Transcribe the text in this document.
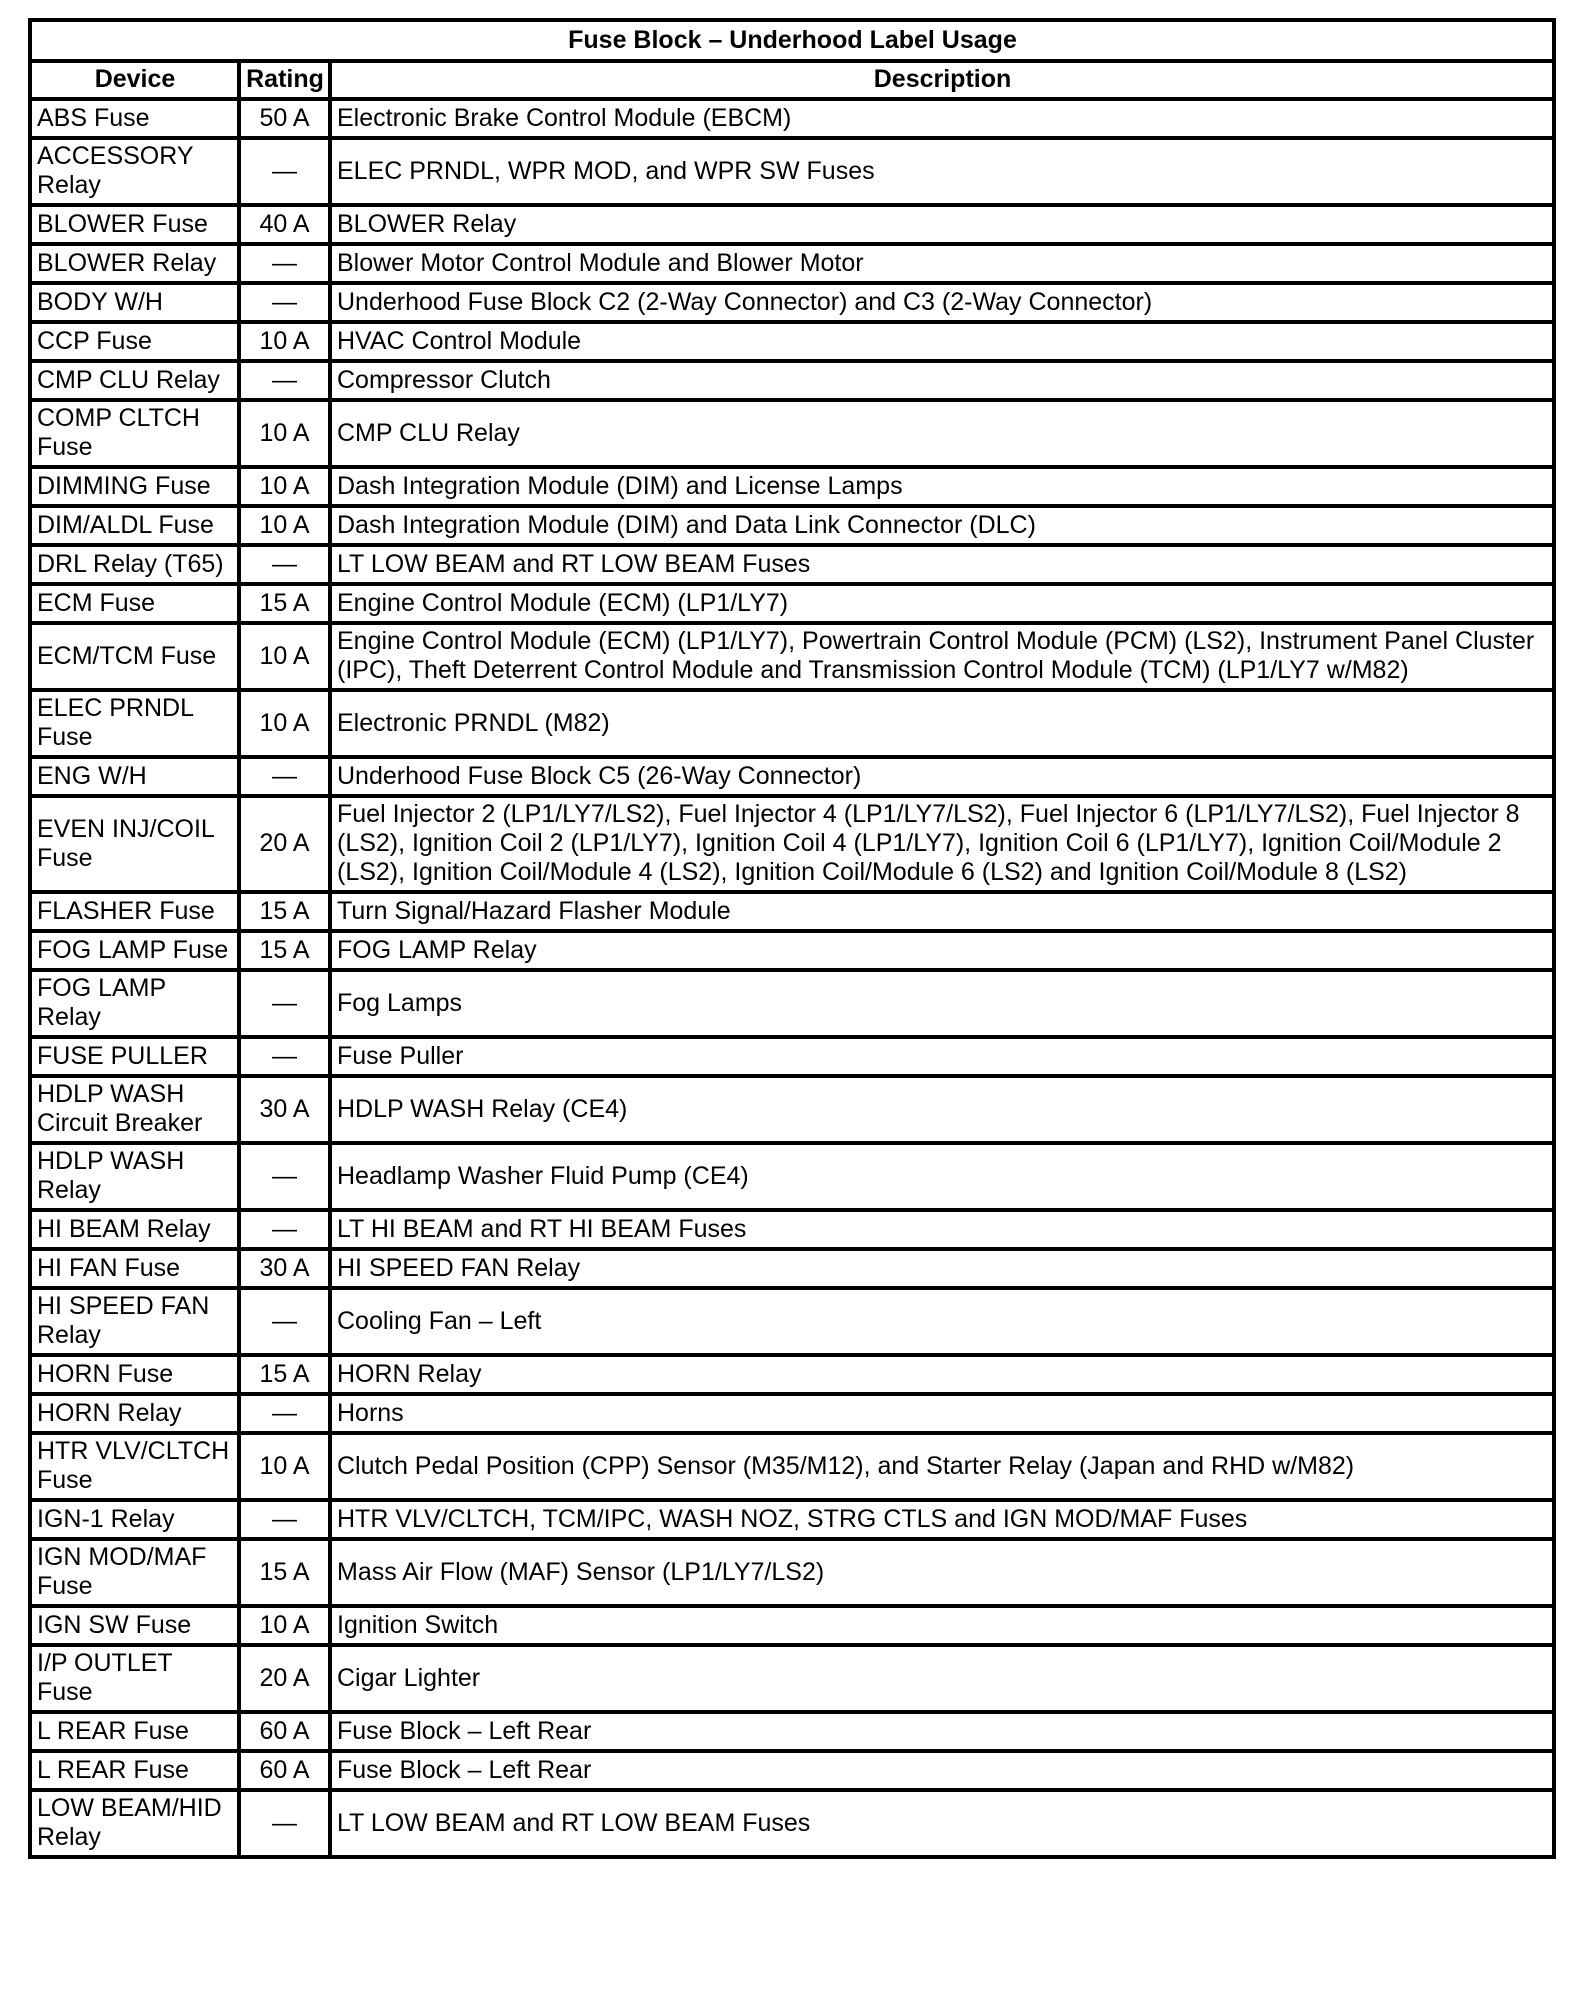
Fuse Block – Underhood Label Usage		
Device	Rating	Description
ABS Fuse	50 A	Electronic Brake Control Module (EBCM)
ACCESSORY Relay	—	ELEC PRNDL, WPR MOD, and WPR SW Fuses
BLOWER Fuse	40 A	BLOWER Relay
BLOWER Relay	—	Blower Motor Control Module and Blower Motor
BODY W/H	—	Underhood Fuse Block C2 (2-Way Connector) and C3 (2-Way Connector)
CCP Fuse	10 A	HVAC Control Module
CMP CLU Relay	—	Compressor Clutch
COMP CLTCH Fuse	10 A	CMP CLU Relay
DIMMING Fuse	10 A	Dash Integration Module (DIM) and License Lamps
DIM/ALDL Fuse	10 A	Dash Integration Module (DIM) and Data Link Connector (DLC)
DRL Relay (T65)	—	LT LOW BEAM and RT LOW BEAM Fuses
ECM Fuse	15 A	Engine Control Module (ECM) (LP1/LY7)
ECM/TCM Fuse	10 A	Engine Control Module (ECM) (LP1/LY7), Powertrain Control Module (PCM) (LS2), Instrument Panel Cluster (IPC), Theft Deterrent Control Module and Transmission Control Module (TCM) (LP1/LY7 w/M82)
ELEC PRNDL Fuse	10 A	Electronic PRNDL (M82)
ENG W/H	—	Underhood Fuse Block C5 (26-Way Connector)
EVEN INJ/COIL Fuse	20 A	Fuel Injector 2 (LP1/LY7/LS2), Fuel Injector 4 (LP1/LY7/LS2), Fuel Injector 6 (LP1/LY7/LS2), Fuel Injector 8 (LS2), Ignition Coil 2 (LP1/LY7), Ignition Coil 4 (LP1/LY7), Ignition Coil 6 (LP1/LY7), Ignition Coil/Module 2 (LS2), Ignition Coil/Module 4 (LS2), Ignition Coil/Module 6 (LS2) and Ignition Coil/Module 8 (LS2)
FLASHER Fuse	15 A	Turn Signal/Hazard Flasher Module
FOG LAMP Fuse	15 A	FOG LAMP Relay
FOG LAMP Relay	—	Fog Lamps
FUSE PULLER	—	Fuse Puller
HDLP WASH Circuit Breaker	30 A	HDLP WASH Relay (CE4)
HDLP WASH Relay	—	Headlamp Washer Fluid Pump (CE4)
HI BEAM Relay	—	LT HI BEAM and RT HI BEAM Fuses
HI FAN Fuse	30 A	HI SPEED FAN Relay
HI SPEED FAN Relay	—	Cooling Fan – Left
HORN Fuse	15 A	HORN Relay
HORN Relay	—	Horns
HTR VLV/CLTCH Fuse	10 A	Clutch Pedal Position (CPP) Sensor (M35/M12), and Starter Relay (Japan and RHD w/M82)
IGN-1 Relay	—	HTR VLV/CLTCH, TCM/IPC, WASH NOZ, STRG CTLS and IGN MOD/MAF Fuses
IGN MOD/MAF Fuse	15 A	Mass Air Flow (MAF) Sensor (LP1/LY7/LS2)
IGN SW Fuse	10 A	Ignition Switch
I/P OUTLET Fuse	20 A	Cigar Lighter
L REAR Fuse	60 A	Fuse Block – Left Rear
L REAR Fuse	60 A	Fuse Block – Left Rear
LOW BEAM/HID Relay	—	LT LOW BEAM and RT LOW BEAM Fuses
